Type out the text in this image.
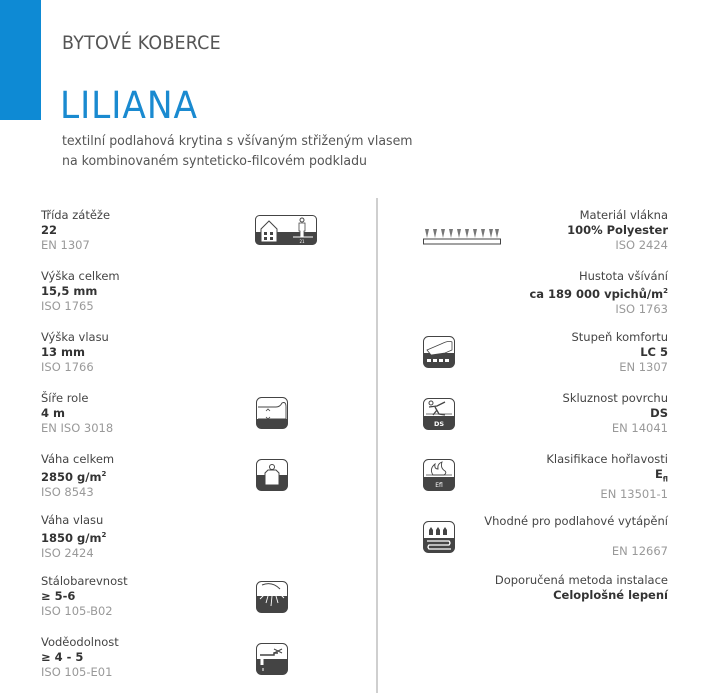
BYTOVÉ KOBERCE
LILIANA
textilní podlahová krytina s všívaným střiženým vlasem
na kombinovaném synteticko-filcovém podkladu
Třída zátěže
22
EN 1307	21
Výška celkem
15,5 mm
ISO 1765
Výška vlasu
13 mm
ISO 1766
Šíře role
4 m
EN ISO 3018
Váha celkem
2850 $g/m^2$
ISO 8543
Váha vlasu
1850 $g/m^2$
ISO 2424
Stálobarevnost
≥ 5-6
ISO 105-B02
Voděodolnost
≥ 4 - 5
ISO 105-E01
Materiál vlákna
100% Polyester
ISO 2424
Hustota všívání
ca 189 000 vpichů/$m^2$
ISO 1763
Stupeň komfortu
LC 5
EN 1307
DS
Skluznost povrchu
DS
EN 14041
Efl
Klasifikace hořlavosti
$E_{fl}$
EN 13501-1
Vhodné pro podlahové vytápění
EN 12667
Doporučená metoda instalace
Celoplošné lepení
